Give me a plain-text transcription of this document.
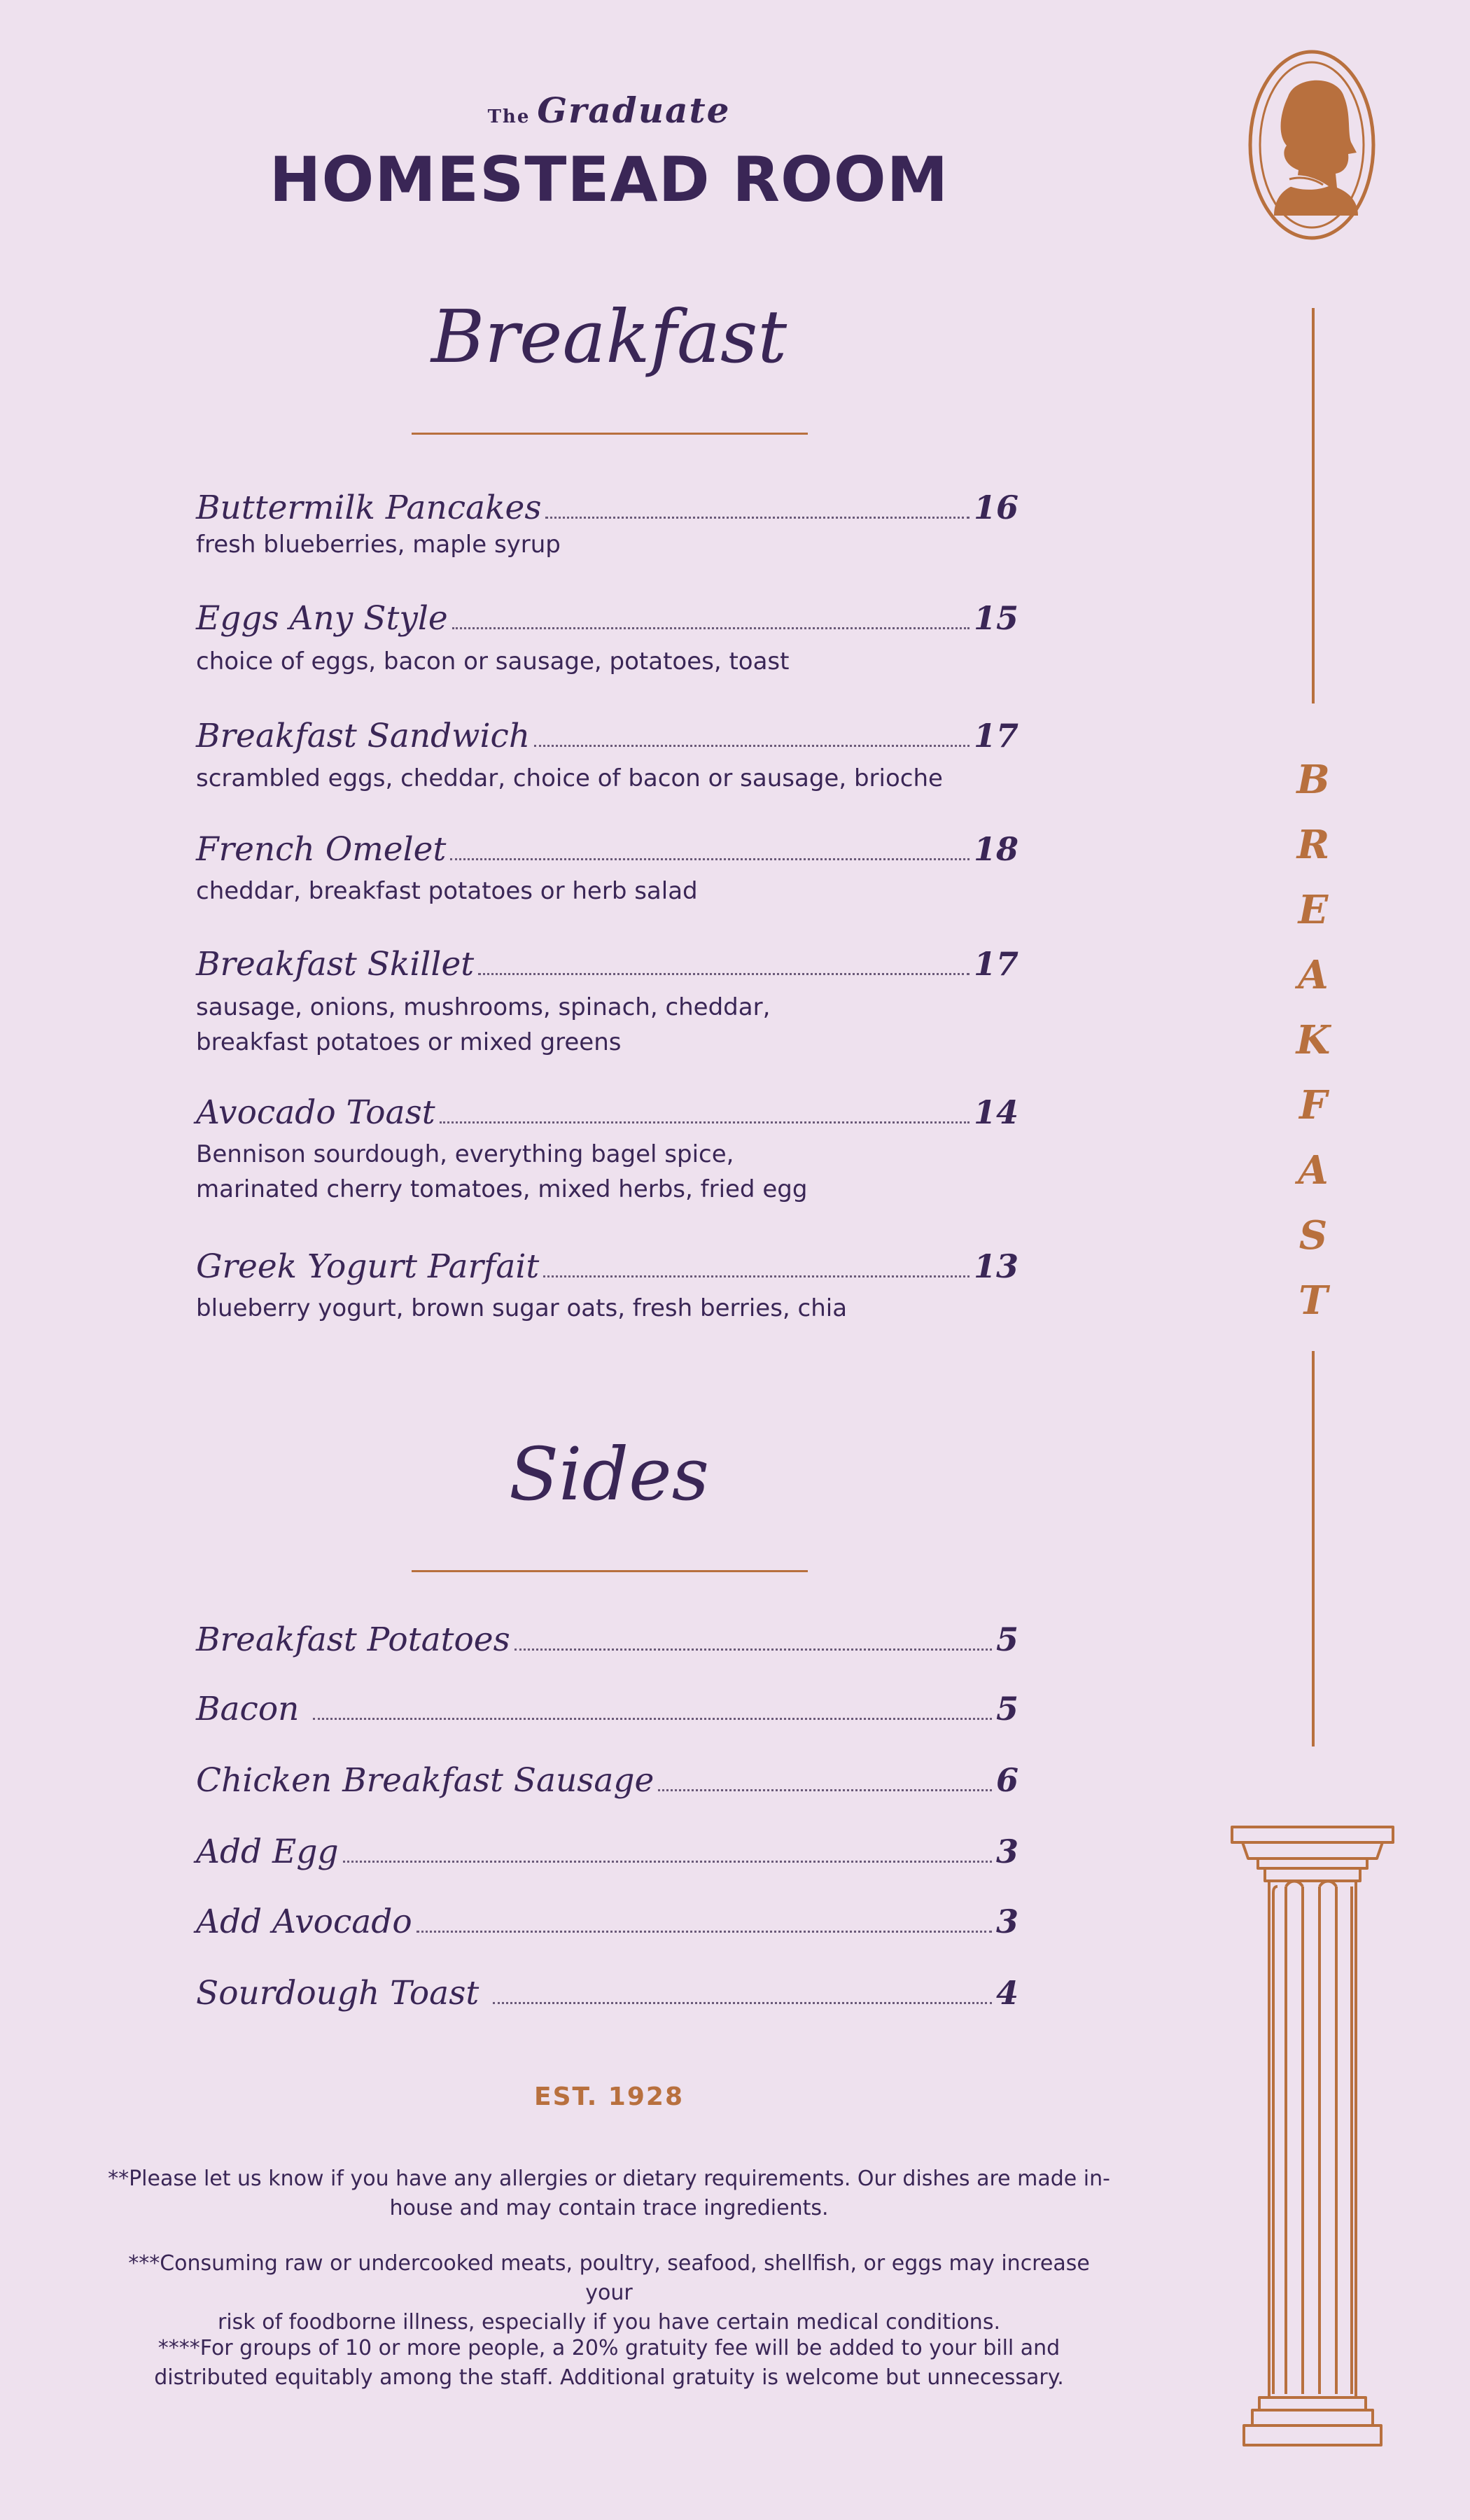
The Graduate
HOMESTEAD ROOM
Breakfast
Buttermilk Pancakes	16
fresh blueberries, maple syrup
Eggs Any Style	15
choice of eggs, bacon or sausage, potatoes, toast
Breakfast Sandwich	17
scrambled eggs, cheddar, choice of bacon or sausage, brioche
French Omelet	18
cheddar, breakfast potatoes or herb salad
Breakfast Skillet	17
sausage, onions, mushrooms, spinach, cheddar,
breakfast potatoes or mixed greens
Avocado Toast	14
Bennison sourdough, everything bagel spice,
marinated cherry tomatoes, mixed herbs, fried egg
Greek Yogurt Parfait	13
blueberry yogurt, brown sugar oats, fresh berries, chia
Sides
Breakfast Potatoes	5
Bacon	5
Chicken Breakfast Sausage	6
Add Egg	3
Add Avocado	3
Sourdough Toast	4
EST. 1928
**Please let us know if you have any allergies or dietary requirements. Our dishes are made in-
house and may contain trace ingredients.
***Consuming raw or undercooked meats, poultry, seafood, shellfish, or eggs may increase your
risk of foodborne illness, especially if you have certain medical conditions.
****For groups of 10 or more people, a 20% gratuity fee will be added to your bill and
distributed equitably among the staff. Additional gratuity is welcome but unnecessary.
B
R
E
A
K
F
A
S
T
